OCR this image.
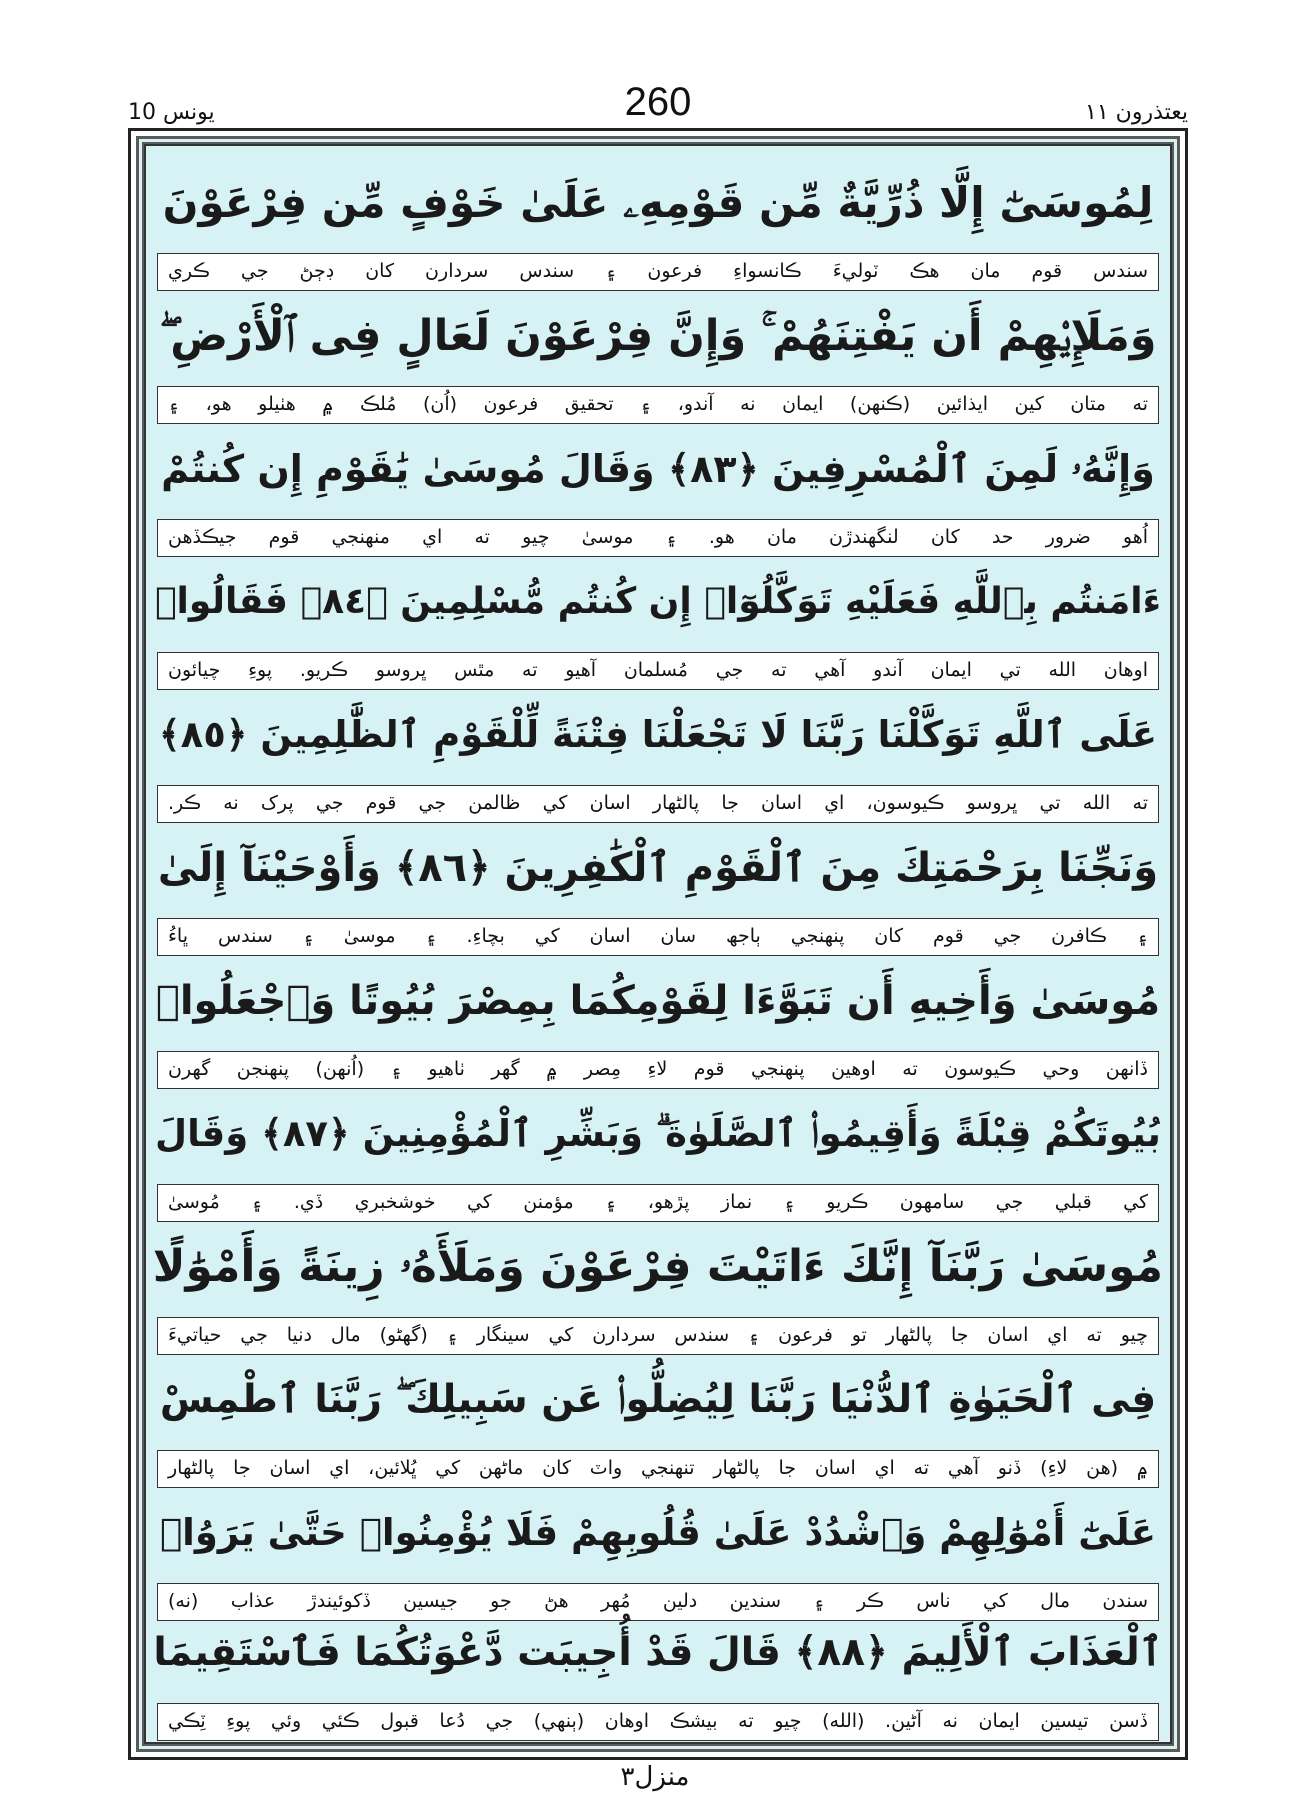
يونس 10	260	يعتذرون ١١
لِمُوسَىٰٓ إِلَّا ذُرِّيَّةٌ مِّن قَوْمِهِۦ عَلَىٰ خَوْفٍ مِّن فِرْعَوْنَ
سندس قوم مان هڪ ٽوليءَ ڪانسواءِ فرعون ۽ سندس سردارن کان ڊڄڻ جي ڪري
وَمَلَإِي۟هِمْ أَن يَفْتِنَهُمْ ۚ وَإِنَّ فِرْعَوْنَ لَعَالٍ فِى ٱلْأَرْضِ ۖ
ته متان کين ايذائين (ڪنهن) ايمان نه آندو، ۽ تحقيق فرعون (اُن) مُلڪ ۾ هٺيلو هو، ۽
وَإِنَّهُۥ لَمِنَ ٱلْمُسْرِفِينَ ﴿٨٣﴾ وَقَالَ مُوسَىٰ يَٰقَوْمِ إِن كُنتُمْ
اُهو ضرور حد کان لنگهندڙن مان هو. ۽ موسىٰ چيو ته اي منهنجي قوم جيڪڏهن
ءَامَنتُم بِٱللَّهِ فَعَلَيْهِ تَوَكَّلُوٓا۟ إِن كُنتُم مُّسْلِمِينَ ﴿٨٤﴾ فَقَالُوا۟
اوهان الله تي ايمان آندو آهي ته جي مُسلمان آهيو ته مٿس ڀروسو ڪريو. پوءِ چيائون
عَلَى ٱللَّهِ تَوَكَّلْنَا رَبَّنَا لَا تَجْعَلْنَا فِتْنَةً لِّلْقَوْمِ ٱلظَّٰلِمِينَ ﴿٨٥﴾
ته الله تي ڀروسو ڪيوسون، اي اسان جا پالڻهار اسان کي ظالمن جي قوم جي پرک نه ڪر.
وَنَجِّنَا بِرَحْمَتِكَ مِنَ ٱلْقَوْمِ ٱلْكَٰفِرِينَ ﴿٨٦﴾ وَأَوْحَيْنَآ إِلَىٰ
۽ ڪافرن جي قوم کان پنهنجي ٻاجھ سان اسان کي بچاءِ. ۽ موسىٰ ۽ سندس ڀاءُ
مُوسَىٰ وَأَخِيهِ أَن تَبَوَّءَا لِقَوْمِكُمَا بِمِصْرَ بُيُوتًا وَٱجْعَلُوا۟
ڏانهن وحي ڪيوسون ته اوهين پنهنجي قوم لاءِ مِصر ۾ گهر ٺاهيو ۽ (اُنهن) پنهنجن گهرن
بُيُوتَكُمْ قِبْلَةً وَأَقِيمُوا۟ ٱلصَّلَوٰةَ ۗ وَبَشِّرِ ٱلْمُؤْمِنِينَ ﴿٨٧﴾ وَقَالَ
کي قبلي جي سامهون ڪريو ۽ نماز پڙهو، ۽ مؤمنن کي خوشخبري ڏي. ۽ مُوسىٰ
مُوسَىٰ رَبَّنَآ إِنَّكَ ءَاتَيْتَ فِرْعَوْنَ وَمَلَأَهُۥ زِينَةً وَأَمْوَٰلًا
چيو ته اي اسان جا پالڻهار تو فرعون ۽ سندس سردارن کي سينگار ۽ (گهڻو) مال دنيا جي حياتيءَ
فِى ٱلْحَيَوٰةِ ٱلدُّنْيَا رَبَّنَا لِيُضِلُّوا۟ عَن سَبِيلِكَ ۖ رَبَّنَا ٱطْمِسْ
۾ (هن لاءِ) ڏنو آهي ته اي اسان جا پالڻهار تنهنجي واٽ کان ماڻهن کي ڀُلائين، اي اسان جا پالڻهار
عَلَىٰٓ أَمْوَٰلِهِمْ وَٱشْدُدْ عَلَىٰ قُلُوبِهِمْ فَلَا يُؤْمِنُوا۟ حَتَّىٰ يَرَوُا۟
سندن مال کي ناس ڪر ۽ سندين دلين مُهر هڻ جو جيسين ڏکوئيندڙ عذاب (نه)
ٱلْعَذَابَ ٱلْأَلِيمَ ﴿٨٨﴾ قَالَ قَدْ أُجِيبَت دَّعْوَتُكُمَا فَٱسْتَقِيمَا
ڏسن تيسين ايمان نه آڻين. (الله) چيو ته بيشڪ اوهان (ٻنهي) جي دُعا قبول ڪئي وئي پوءِ ٽِڪي
منزل٣
